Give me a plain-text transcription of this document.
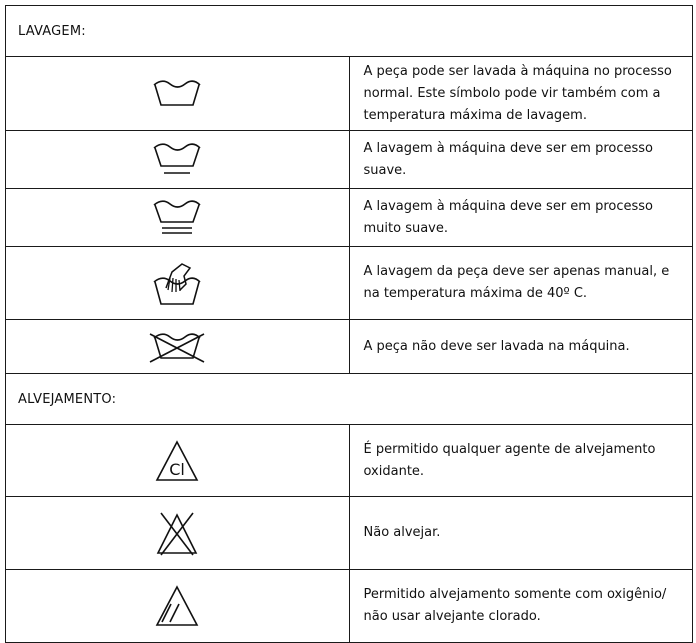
LAVAGEM:	

	A peça pode ser lavada à máquina no processo normal. Este símbolo pode vir também com a temperatura máxima de lavagem.

	A lavagem à máquina deve ser em processo suave.

	A lavagem à máquina deve ser em processo muito suave.

	A lavagem da peça deve ser apenas manual, e na temperatura máxima de 40º C.

	A peça não deve ser lavada na máquina.
ALVEJAMENTO:	

Cl	É permitido qualquer agente de alvejamento oxidante.

	Não alvejar.

	Permitido alvejamento somente com oxigênio/ não usar alvejante clorado.
